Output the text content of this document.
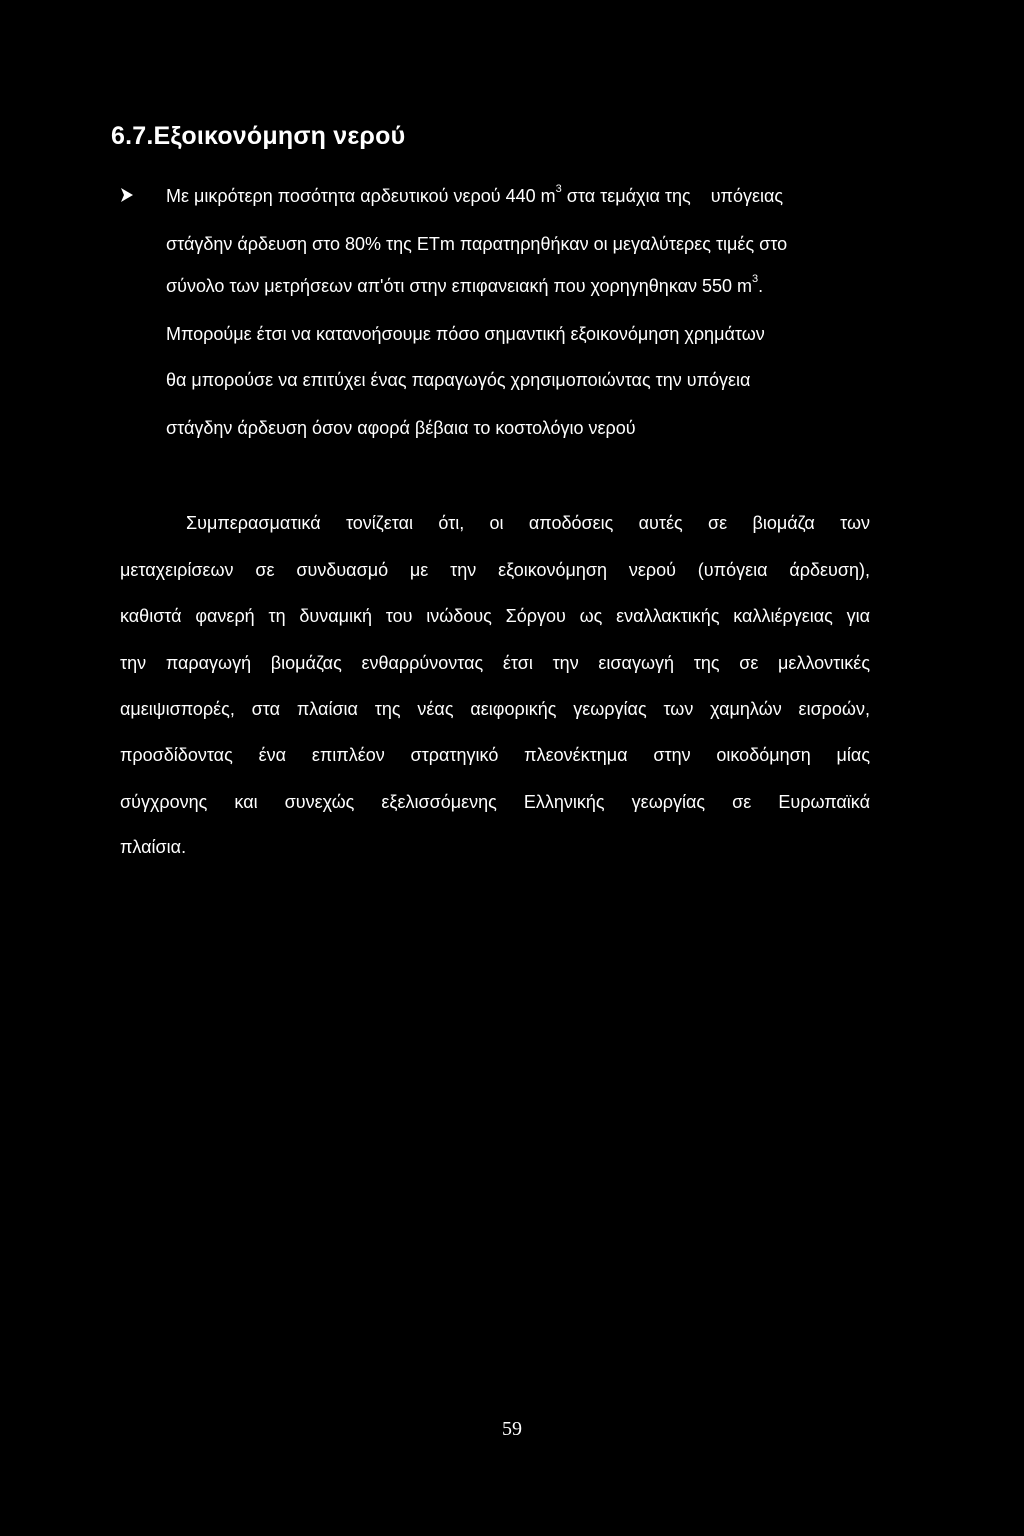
6.7.Εξοικονόμηση νερού
Με μικρότερη ποσότητα αρδευτικού νερού 440 $m^3$ στα τεμάχια της    υπόγειας
στάγδην άρδευση στο 80% της ETm παρατηρηθήκαν οι μεγαλύτερες τιμές στο
σύνολο των μετρήσεων απ'ότι στην επιφανειακή που χορηγηθηκαν 550 $m^3$.
Μπορούμε έτσι να κατανοήσουμε πόσο σημαντική εξοικονόμηση χρημάτων
θα μπορούσε να επιτύχει ένας παραγωγός χρησιμοποιώντας την υπόγεια
στάγδην άρδευση όσον αφορά βέβαια το κοστολόγιο νερού
Συμπερασματικά τονίζεται ότι, οι αποδόσεις αυτές σε βιομάζα των
μεταχειρίσεων σε συνδυασμό με την εξοικονόμηση νερού (υπόγεια άρδευση),
καθιστά φανερή τη δυναμική του ινώδους Σόργου ως εναλλακτικής καλλιέργειας για
την παραγωγή βιομάζας ενθαρρύνοντας έτσι την εισαγωγή της σε μελλοντικές
αμειψισπορές, στα πλαίσια της νέας αειφορικής γεωργίας των χαμηλών εισροών,
προσδίδοντας ένα επιπλέον στρατηγικό πλεονέκτημα στην οικοδόμηση μίας
σύγχρονης και συνεχώς εξελισσόμενης Ελληνικής γεωργίας σε Ευρωπαϊκά
πλαίσια.
59
